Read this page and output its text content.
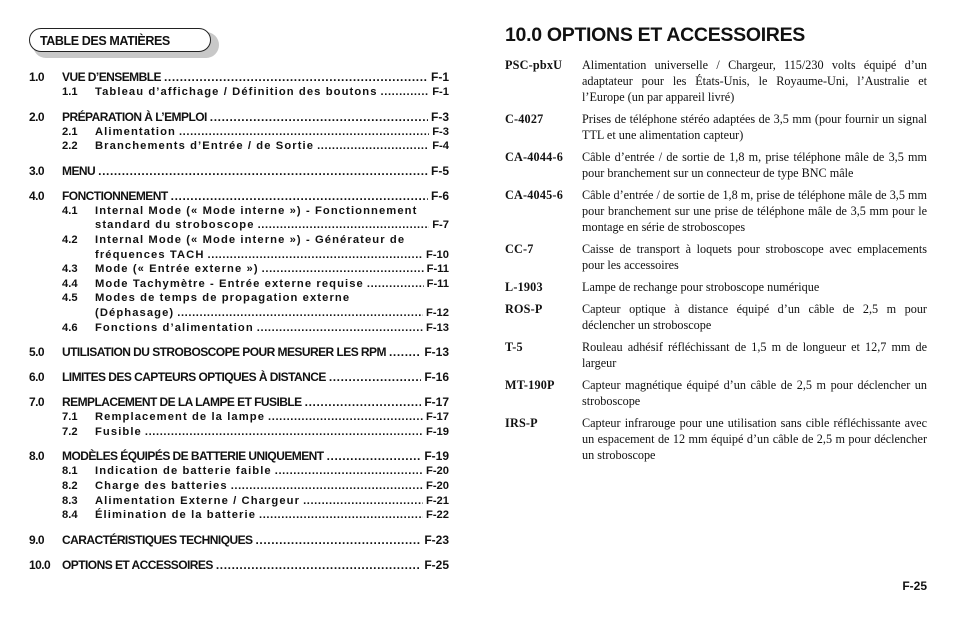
TABLE DES MATIÈRES
1.0	VUE D’ENSEMBLE .....	F-1
1.1	Tableau d’affichage / Définition des boutons .....	F-1
2.0	PRÉPARATION À L’EMPLOI .....	F-3
2.1	Alimentation .....	F-3
2.2	Branchements d’Entrée / de Sortie .....	F-4
3.0	MENU .....	F-5
4.0	FONCTIONNEMENT .....	F-6
4.1	Internal Mode (« Mode interne ») - Fonctionnement
standard du stroboscope .....	F-7
4.2	Internal Mode (« Mode interne ») - Générateur de
fréquences TACH .....	F-10
4.3	Mode (« Entrée externe ») .....	F-11
4.4	Mode Tachymètre - Entrée externe requise .....	F-11
4.5	Modes de temps de propagation externe
(Déphasage) .....	F-12
4.6	Fonctions d’alimentation .....	F-13
5.0	UTILISATION DU STROBOSCOPE POUR MESURER LES RPM .....	F-13
6.0	LIMITES DES CAPTEURS OPTIQUES À DISTANCE .....	F-16
7.0	REMPLACEMENT DE LA LAMPE ET FUSIBLE .....	F-17
7.1	Remplacement de la lampe .....	F-17
7.2	Fusible .....	F-19
8.0	MODÈLES ÉQUIPÉS DE BATTERIE UNIQUEMENT .....	F-19
8.1	Indication de batterie faible .....	F-20
8.2	Charge des batteries .....	F-20
8.3	Alimentation Externe / Chargeur .....	F-21
8.4	Élimination de la batterie .....	F-22
9.0	CARACTÉRISTIQUES TECHNIQUES .....	F-23
10.0 OPTIONS ET ACCESSOIRES .....	F-25
10.0 OPTIONS ET ACCESSOIRES
PSC-pbxU	Alimentation universelle / Chargeur, 115/230 volts équipé d’un adaptateur pour les États-Unis, le Royaume-Uni, l’Australie et l’Europe (un par appareil livré)
C-4027	Prises de téléphone stéréo adaptées de 3,5 mm (pour fournir un signal TTL et une alimentation capteur)
CA-4044-6	Câble d’entrée / de sortie de 1,8 m, prise téléphone mâle de 3,5 mm pour branchement sur un connecteur de type BNC mâle
CA-4045-6	Câble d’entrée / de sortie de 1,8 m, prise de téléphone mâle de 3,5 mm pour branchement sur une prise de téléphone mâle de 3,5 mm pour le montage en série de stroboscopes
CC-7	Caisse de transport à loquets pour stroboscope avec emplacements pour les accessoires
L-1903	Lampe de rechange pour stroboscope numérique
ROS-P	Capteur optique à distance équipé d’un câble de 2,5 m pour déclencher un stroboscope
T-5	Rouleau adhésif réfléchissant de 1,5 m de longueur et 12,7 mm de largeur
MT-190P	Capteur magnétique équipé d’un câble de 2,5 m pour déclencher un stroboscope
IRS-P	Capteur infrarouge pour une utilisation sans cible réfléchissante avec un espacement de 12 mm équipé d’un câble de 2,5 m pour déclencher un stroboscope
F-25
